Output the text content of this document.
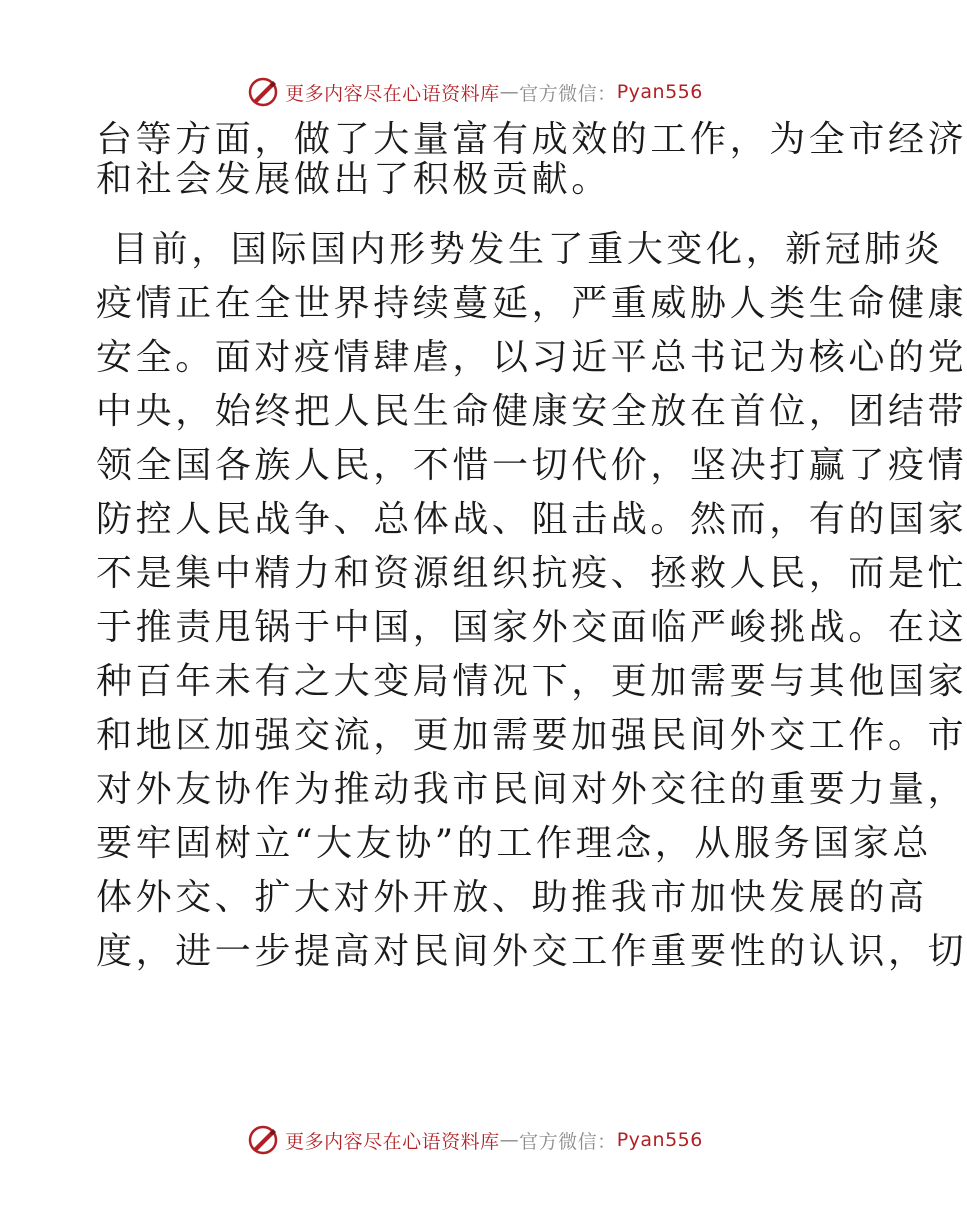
更多内容尽在心语资料库 — 官方微信： Pyan556
台等方面，做了大量富有成效的工作，为全市经济
和社会发展做出了积极贡献。
目前，国际国内形势发生了重大变化，新冠肺炎
疫情正在全世界持续蔓延，严重威胁人类生命健康
安全。面对疫情肆虐，以习近平总书记为核心的党
中央，始终把人民生命健康安全放在首位，团结带
领全国各族人民，不惜一切代价，坚决打赢了疫情
防控人民战争、总体战、阻击战。然而，有的国家
不是集中精力和资源组织抗疫、拯救人民，而是忙
于推责甩锅于中国，国家外交面临严峻挑战。在这
种百年未有之大变局情况下，更加需要与其他国家
和地区加强交流，更加需要加强民间外交工作。市
对外友协作为推动我市民间对外交往的重要力量，
要牢固树立“大友协”的工作理念，从服务国家总
体外交、扩大对外开放、助推我市加快发展的高
度，进一步提高对民间外交工作重要性的认识，切
更多内容尽在心语资料库 — 官方微信： Pyan556
